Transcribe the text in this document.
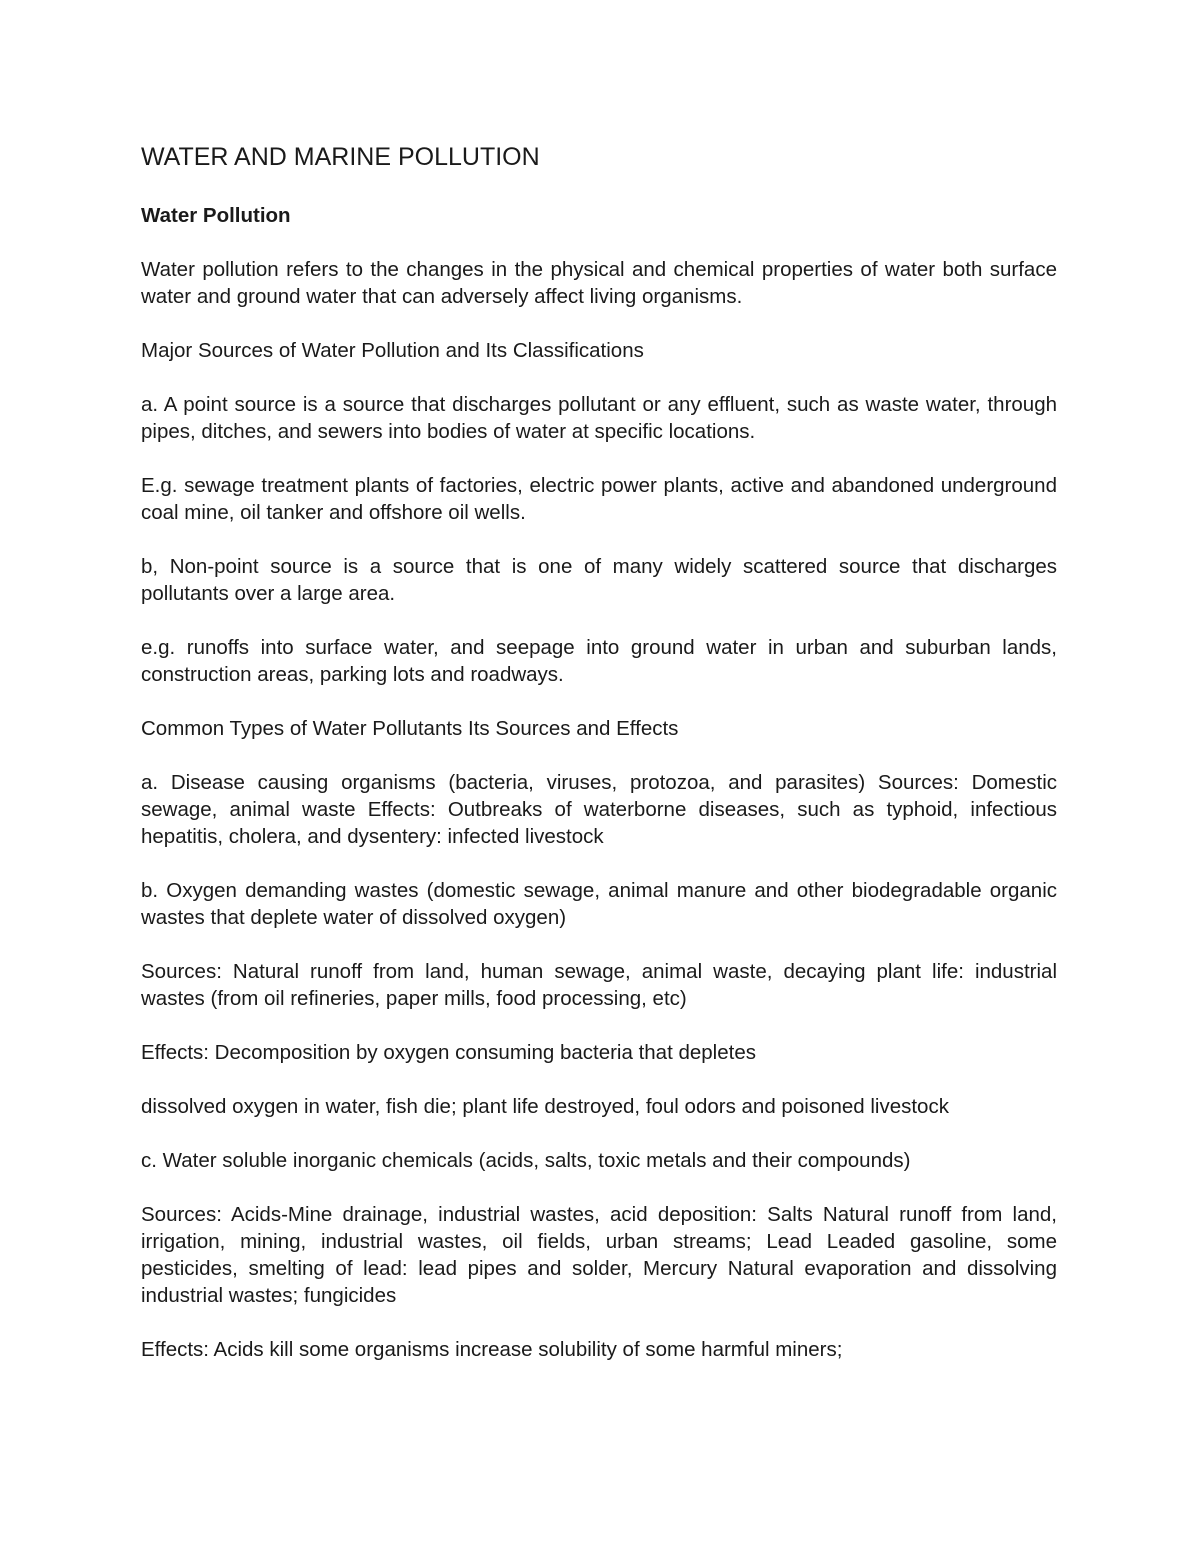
WATER AND MARINE POLLUTION
Water Pollution

Water pollution refers to the changes in the physical and chemical properties of water both surface water and ground water that can adversely affect living organisms.

Major Sources of Water Pollution and Its Classifications

a. A point source is a source that discharges pollutant or any effluent, such as waste water, through pipes, ditches, and sewers into bodies of water at specific locations.

E.g. sewage treatment plants of factories, electric power plants, active and abandoned underground coal mine, oil tanker and offshore oil wells.

b, Non-point source is a source that is one of many widely scattered source that discharges pollutants over a large area.

e.g. runoffs into surface water, and seepage into ground water in urban and suburban lands, construction areas, parking lots and roadways.

Common Types of Water Pollutants Its Sources and Effects

a. Disease causing organisms (bacteria, viruses, protozoa, and parasites) Sources: Domestic sewage, animal waste Effects: Outbreaks of waterborne diseases, such as typhoid, infectious hepatitis, cholera, and dysentery: infected livestock

b. Oxygen demanding wastes (domestic sewage, animal manure and other biodegradable organic wastes that deplete water of dissolved oxygen)

Sources: Natural runoff from land, human sewage, animal waste, decaying plant life: industrial wastes (from oil refineries, paper mills, food processing, etc)

Effects: Decomposition by oxygen consuming bacteria that depletes

dissolved oxygen in water, fish die; plant life destroyed, foul odors and poisoned livestock

c. Water soluble inorganic chemicals (acids, salts, toxic metals and their compounds)

Sources: Acids-Mine drainage, industrial wastes, acid deposition: Salts Natural runoff from land, irrigation, mining, industrial wastes, oil fields, urban streams; Lead Leaded gasoline, some pesticides, smelting of lead: lead pipes and solder, Mercury Natural evaporation and dissolving industrial wastes; fungicides

Effects: Acids kill some organisms increase solubility of some harmful miners;
